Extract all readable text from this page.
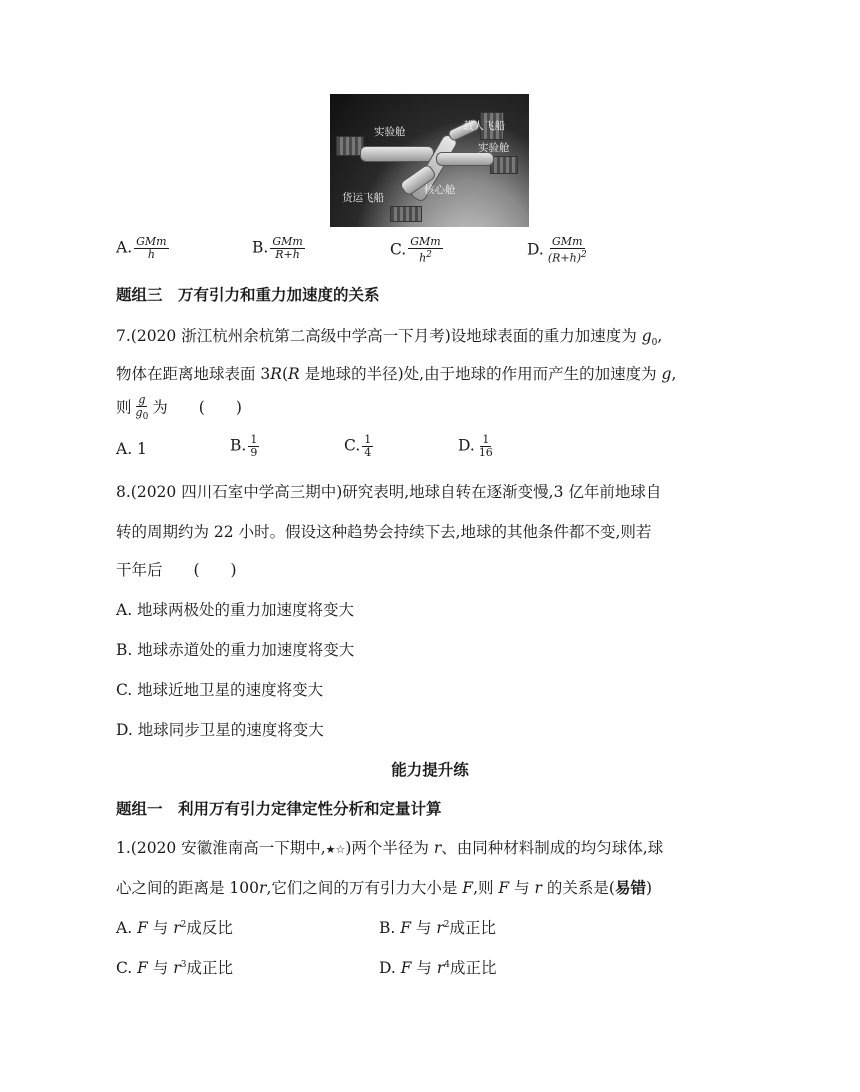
实验舱	载人飞船
实验舱
货运飞船
核心舱
A. $\frac{\text{GMm}}{h}$	B. $\frac{\text{GMm}}{R+h}$	C. $\frac{\text{GMm}}{h^2}$	D. $\frac{\text{GMm}}{(R+h)^2}$
题组三　万有引力和重力加速度的关系
7.(2020 浙江杭州余杭第二高级中学高一下月考)设地球表面的重力加速度为 $g_0$,
物体在距离地球表面 3R(R 是地球的半径)处,由于地球的作用而产生的加速度为 g,
则 $\frac{g}{g_0}$ 为　　(　　)
A. 1	B. $\frac{1}{9}$	C. $\frac{1}{4}$	D. $\frac{1}{16}$
8.(2020 四川石室中学高三期中)研究表明,地球自转在逐渐变慢,3 亿年前地球自
转的周期约为 22 小时。假设这种趋势会持续下去,地球的其他条件都不变,则若
干年后　　(　　)
A. 地球两极处的重力加速度将变大
B. 地球赤道处的重力加速度将变大
C. 地球近地卫星的速度将变大
D. 地球同步卫星的速度将变大
能力提升练
题组一　利用万有引力定律定性分析和定量计算
1.(2020 安徽淮南高一下期中,★☆)两个半径为 r、由同种材料制成的均匀球体,球
心之间的距离是 100r,它们之间的万有引力大小是 F,则 F 与 r 的关系是(易错)
A. F 与 $r^2$成反比	B. F 与 $r^2$成正比
C. F 与 $r^3$成正比	D. F 与 $r^4$成正比
